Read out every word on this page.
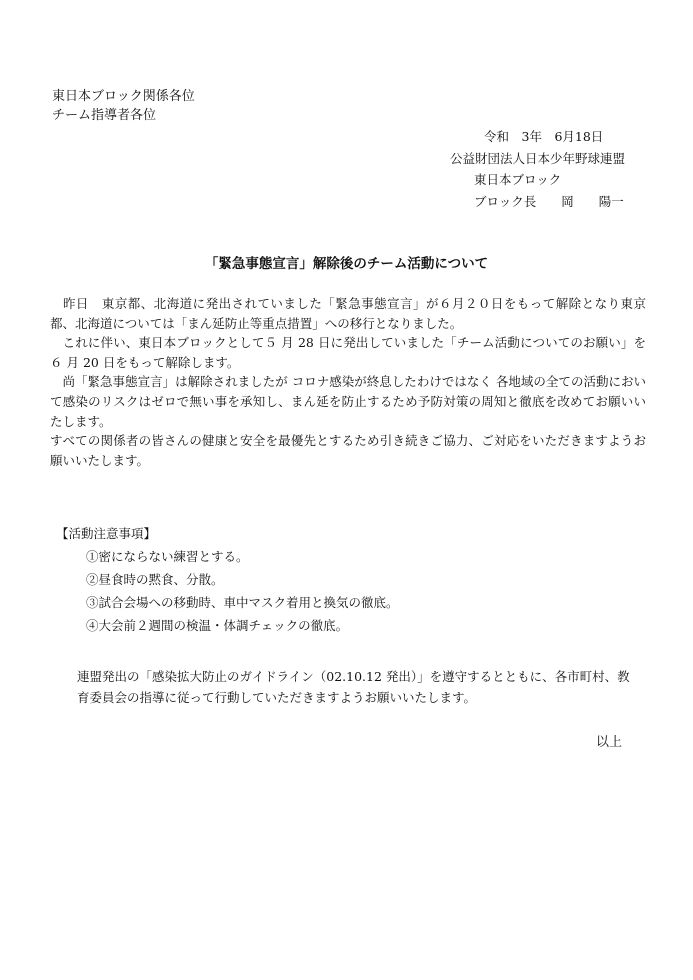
東日本ブロック関係各位
チーム指導者各位
令和　3年　6月18日
公益財団法人日本少年野球連盟
東日本ブロック
ブロック長　　岡　　陽一
「緊急事態宣言」解除後のチーム活動について

　昨日　東京都、北海道に発出されていました「緊急事態宣言」が６月２０日をもって解除となり東京都、北海道については「まん延防止等重点措置」への移行となりました。

　これに伴い、東日本ブロックとして５ 月 28 日に発出していました「チーム活動についてのお願い」を６ 月 20 日をもって解除します。

　尚「緊急事態宣言」は解除されましたが コロナ感染が終息したわけではなく 各地域の全ての活動において感染のリスクはゼロで無い事を承知し、まん延を防止するため予防対策の周知と徹底を改めてお願いいたします。

すべての関係者の皆さんの健康と安全を最優先とするため引き続きご協力、ご対応をいただきますようお願いいたします。

【活動注意事項】
①密にならない練習とする。
②昼食時の黙食、分散。
③試合会場への移動時、車中マスク着用と換気の徹底。
④大会前２週間の検温・体調チェックの徹底。
連盟発出の「感染拡大防止のガイドライン（02.10.12 発出）」を遵守するとともに、各市町村、教育委員会の指導に従って行動していただきますようお願いいたします。
以上
